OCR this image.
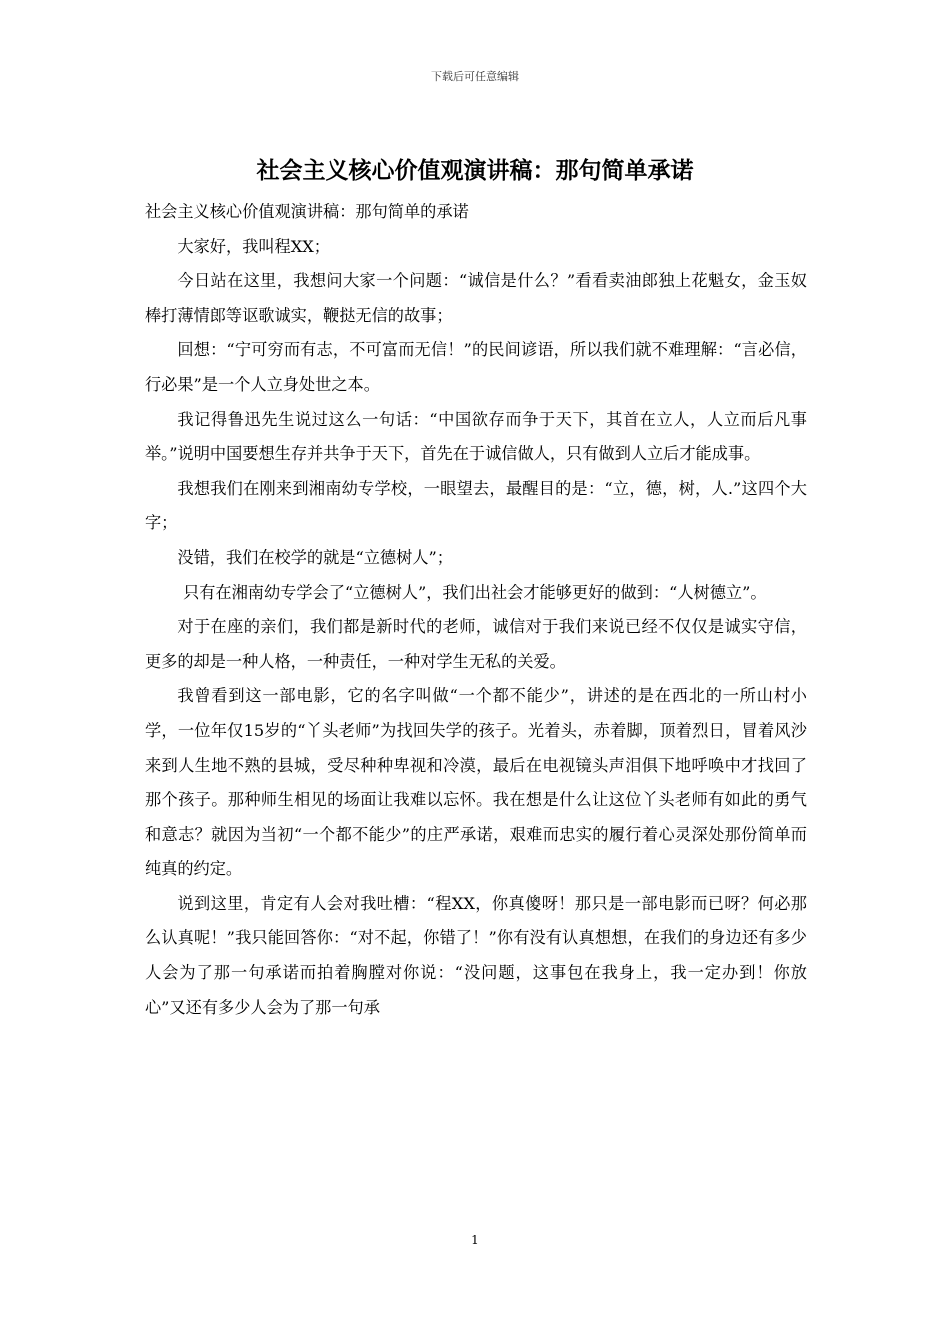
下载后可任意编辑
社会主义核心价值观演讲稿：那句简单承诺

社会主义核心价值观演讲稿：那句简单的承诺

大家好，我叫程XX；

今日站在这里，我想问大家一个问题：“诚信是什么？”看看卖油郎独上花魁女，金玉奴棒打薄情郎等讴歌诚实，鞭挞无信的故事；

回想：“宁可穷而有志，不可富而无信！”的民间谚语，所以我们就不难理解：“言必信，行必果”是一个人立身处世之本。

我记得鲁迅先生说过这么一句话：“中国欲存而争于天下，其首在立人，人立而后凡事举。”说明中国要想生存并共争于天下，首先在于诚信做人，只有做到人立后才能成事。

我想我们在刚来到湘南幼专学校，一眼望去，最醒目的是：“立，德，树，人.”这四个大字；

没错，我们在校学的就是“立德树人”；

只有在湘南幼专学会了“立德树人”，我们出社会才能够更好的做到：“人树德立”。

对于在座的亲们，我们都是新时代的老师，诚信对于我们来说已经不仅仅是诚实守信，更多的却是一种人格，一种责任，一种对学生无私的关爱。

我曾看到这一部电影，它的名字叫做“一个都不能少”，讲述的是在西北的一所山村小学，一位年仅15岁的“丫头老师”为找回失学的孩子。光着头，赤着脚，顶着烈日，冒着风沙来到人生地不熟的县城，受尽种种卑视和冷漠，最后在电视镜头声泪俱下地呼唤中才找回了那个孩子。那种师生相见的场面让我难以忘怀。我在想是什么让这位丫头老师有如此的勇气和意志？就因为当初“一个都不能少”的庄严承诺，艰难而忠实的履行着心灵深处那份简单而纯真的约定。

说到这里，肯定有人会对我吐槽：“程XX，你真傻呀！那只是一部电影而已呀？何必那么认真呢！”我只能回答你：“对不起，你错了！”你有没有认真想想，在我们的身边还有多少人会为了那一句承诺而拍着胸膛对你说：“没问题，这事包在我身上，我一定办到！你放心”又还有多少人会为了那一句承

1
